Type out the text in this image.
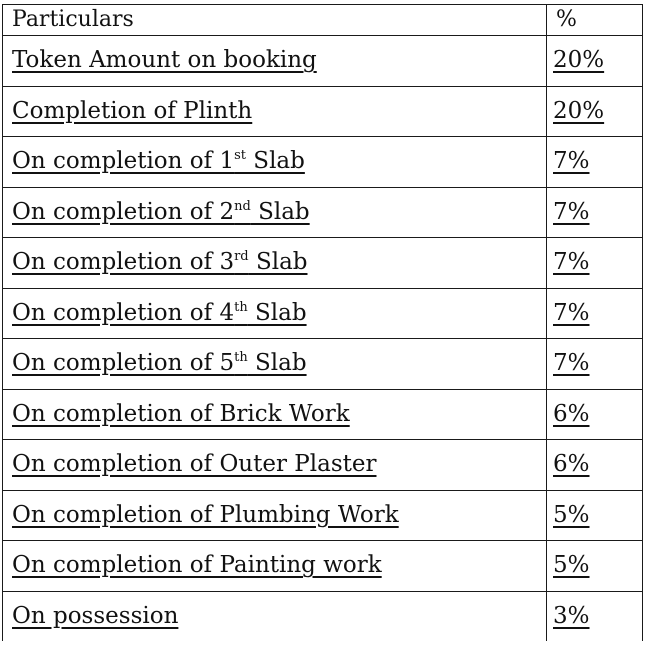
Particulars	%
Token Amount on booking	20%
Completion of Plinth	20%
On completion of 1st Slab	7%
On completion of 2nd Slab	7%
On completion of 3rd Slab	7%
On completion of 4th Slab	7%
On completion of 5th Slab	7%
On completion of Brick Work	6%
On completion of Outer Plaster	6%
On completion of Plumbing Work	5%
On completion of Painting work	5%
On possession	3%
